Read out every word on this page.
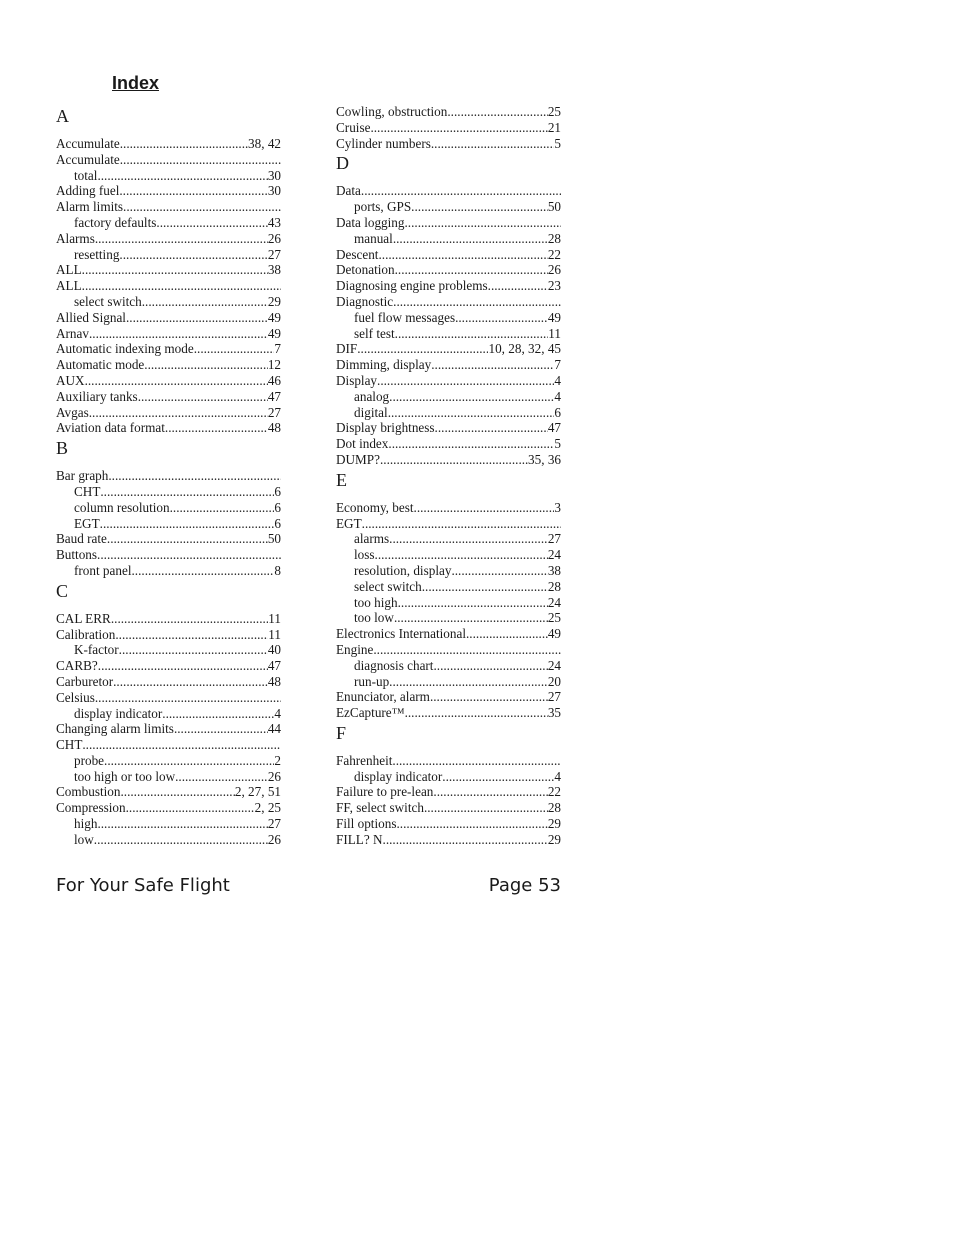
Index
A
Accumulate .....	38, 42
Accumulate
.....
total .....	30
Adding fuel .....	30
Alarm limits
.....
factory defaults .....	43
Alarms .....	26
resetting .....	27
ALL .....	38
ALL
.....
select switch .....	29
Allied Signal .....	49
Arnav .....	49
Automatic indexing mode .....	7
Automatic mode .....	12
AUX .....	46
Auxiliary tanks .....	47
Avgas .....	27
Aviation data format .....	48
B
Bar graph
.....
CHT .....	6
column resolution .....	6
EGT .....	6
Baud rate .....	50
Buttons
.....
front panel .....	8
C
CAL ERR .....	11
Calibration .....	11
K-factor .....	40
CARB? .....	47
Carburetor .....	48
Celsius
.....
display indicator .....	4
Changing alarm limits .....	44
CHT
.....
probe .....	2
too high or too low .....	26
Combustion .....	2, 27, 51
Compression .....	2, 25
high .....	27
low .....	26
Cowling, obstruction .....	25
Cruise .....	21
Cylinder numbers .....	5
D
Data
.....
ports, GPS .....	50
Data logging
.....
manual .....	28
Descent .....	22
Detonation .....	26
Diagnosing engine problems .....	23
Diagnostic
.....
fuel flow messages .....	49
self test .....	11
DIF .....	10, 28, 32, 45
Dimming, display .....	7
Display .....	4
analog .....	4
digital .....	6
Display brightness .....	47
Dot index .....	5
DUMP? .....	35, 36
E
Economy, best .....	3
EGT
.....
alarms .....	27
loss .....	24
resolution, display .....	38
select switch .....	28
too high .....	24
too low .....	25
Electronics International .....	49
Engine
.....
diagnosis chart .....	24
run-up .....	20
Enunciator, alarm .....	27
EzCapture™ .....	35
F
Fahrenheit
.....
display indicator .....	4
Failure to pre-lean .....	22
FF, select switch .....	28
Fill options .....	29
FILL? N .....	29

For Your Safe Flight	Page 53
